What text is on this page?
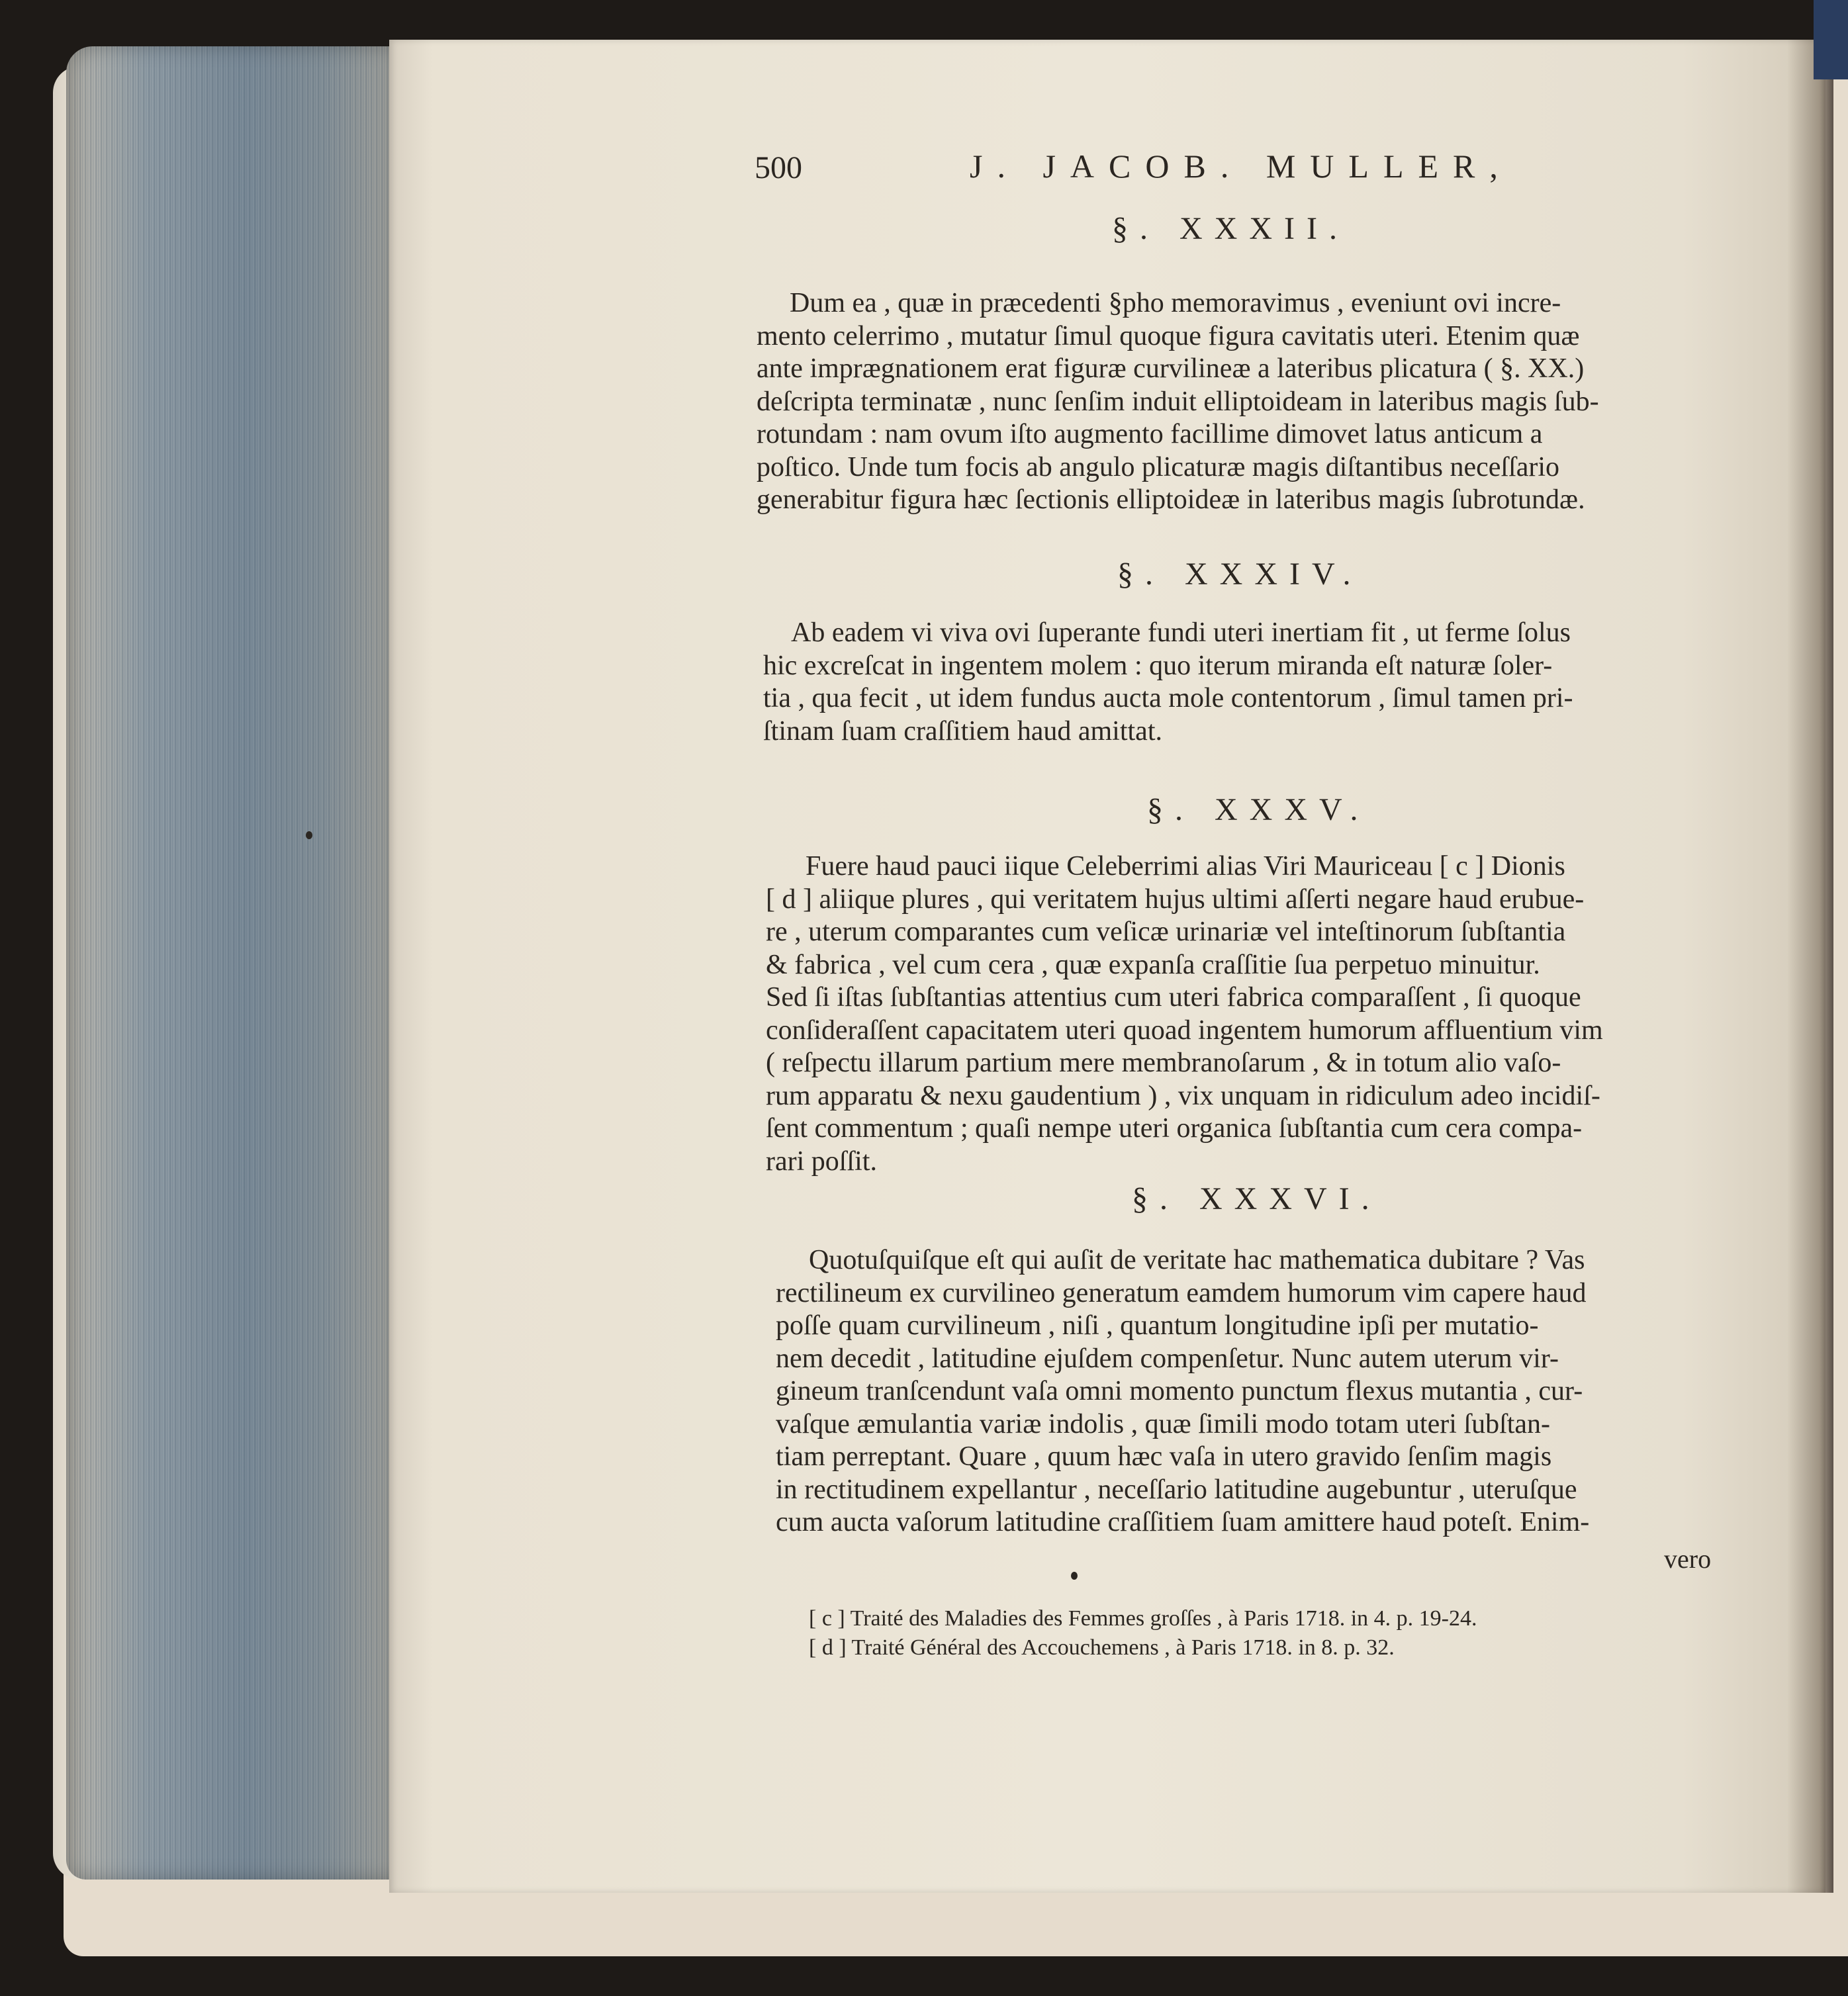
500	J. JACOB. MULLER,
§. XXXII.
Dum ea , quæ in præcedenti §pho memoravimus , eveniunt ovi incre-
mento celerrimo , mutatur ſimul quoque figura cavitatis uteri. Etenim quæ
ante imprægnationem erat figuræ curvilineæ a lateribus plicatura ( §. XX.)
deſcripta terminatæ , nunc ſenſim induit elliptoideam in lateribus magis ſub-
rotundam : nam ovum iſto augmento facillime dimovet latus anticum a
poſtico. Unde tum focis ab angulo plicaturæ magis diſtantibus neceſſario
generabitur figura hæc ſectionis elliptoideæ in lateribus magis ſubrotundæ.
§. XXXIV.
Ab eadem vi viva ovi ſuperante fundi uteri inertiam fit , ut ferme ſolus
hic excreſcat in ingentem molem : quo iterum miranda eſt naturæ ſoler-
tia , qua fecit , ut idem fundus aucta mole contentorum , ſimul tamen pri-
ſtinam ſuam craſſitiem haud amittat.
§. XXXV.
Fuere haud pauci iique Celeberrimi alias Viri Mauriceau [ c ] Dionis
[ d ] aliique plures , qui veritatem hujus ultimi aſſerti negare haud erubue-
re , uterum comparantes cum veſicæ urinariæ vel inteſtinorum ſubſtantia
& fabrica , vel cum cera , quæ expanſa craſſitie ſua perpetuo minuitur.
Sed ſi iſtas ſubſtantias attentius cum uteri fabrica comparaſſent , ſi quoque
conſideraſſent capacitatem uteri quoad ingentem humorum affluentium vim
( reſpectu illarum partium mere membranoſarum , & in totum alio vaſo-
rum apparatu & nexu gaudentium ) , vix unquam in ridiculum adeo incidiſ-
ſent commentum ; quaſi nempe uteri organica ſubſtantia cum cera compa-
rari poſſit.
§. XXXVI.
Quotuſquiſque eſt qui auſit de veritate hac mathematica dubitare ? Vas
rectilineum ex curvilineo generatum eamdem humorum vim capere haud
poſſe quam curvilineum , niſi , quantum longitudine ipſi per mutatio-
nem decedit , latitudine ejuſdem compenſetur. Nunc autem uterum vir-
gineum tranſcendunt vaſa omni momento punctum flexus mutantia , cur-
vaſque æmulantia variæ indolis , quæ ſimili modo totam uteri ſubſtan-
tiam perreptant. Quare , quum hæc vaſa in utero gravido ſenſim magis
in rectitudinem expellantur , neceſſario latitudine augebuntur , uteruſque
cum aucta vaſorum latitudine craſſitiem ſuam amittere haud poteſt. Enim-
vero
[ c ] Traité des Maladies des Femmes groſſes , à Paris 1718. in 4. p. 19-24.
[ d ] Traité Général des Accouchemens , à Paris 1718. in 8. p. 32.
